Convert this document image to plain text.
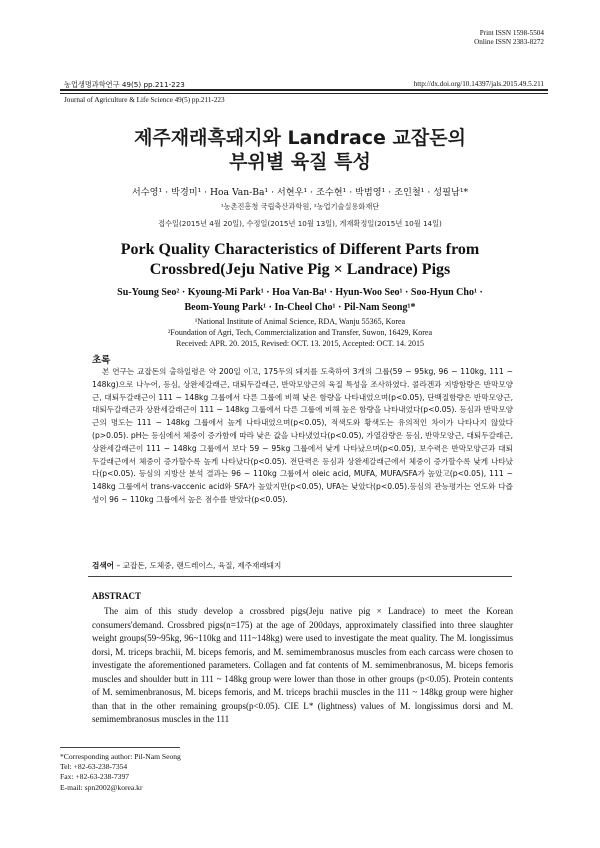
Print ISSN 1598-5504
Online ISSN 2383-8272
농업생명과학연구 49(5) pp.211-223	http://dx.doi.org/10.14397/jals.2015.49.5.211
Journal of Agriculture & Life Science 49(5) pp.211-223
제주재래흑돼지와 Landrace 교잡돈의
부위별 육질 특성
서수영¹ · 박경미¹ · Hoa Van-Ba¹ · 서현우¹ · 조수현¹ · 박범영¹ · 조인철¹ · 성필남¹*
¹농촌진흥청 국립축산과학원, ²농업기술실용화재단
접수일(2015년 4월 20일), 수정일(2015년 10월 13일), 게재확정일(2015년 10월 14일)
Pork Quality Characteristics of Different Parts from
Crossbred(Jeju Native Pig × Landrace) Pigs
Su-Young Seo² · Kyoung-Mi Park¹ · Hoa Van-Ba¹ · Hyun-Woo Seo¹ · Soo-Hyun Cho¹ ·
Beom-Young Park¹ · In-Cheol Cho¹ · Pil-Nam Seong¹*
¹National Institute of Animal Science, RDA, Wanju 55365, Korea
²Foundation of Agri, Tech, Commercialization and Transfer, Suwon, 16429, Korea
Received: APR. 20. 2015, Revised: OCT. 13. 2015, Accepted: OCT. 14. 2015
초록
본 연구는 교잡돈의 출하일령은 약 200일 이고, 175두의 돼지를 도축하여 3개의 그룹(59 ~ 95kg, 96 ~ 110kg, 111 ~ 148kg)으로 나누어, 등심, 상완세갈래근, 대퇴두갈래근, 반막모양근의 육질 특성을 조사하였다. 콜라겐과 지방함량은 반막모양근, 대퇴두갈래근이 111 ~ 148kg 그룹에서 다른 그룹에 비해 낮은 함량을 나타내었으며(p<0.05), 단백질함량은 반막모양근, 대퇴두갈래근과 상완세갈래근이 111 ~ 148kg 그룹에서 다른 그룹에 비해 높은 함량을 나타내었다(p<0.05). 등심과 반막모양근의 명도는 111 ~ 148kg 그룹에서 높게 나타내었으며(p<0.05), 적색도와 황색도는 유의적인 차이가 나타나지 않았다(p>0.05). pH는 등심에서 체중이 증가함에 따라 낮은 값을 나타냈었다(p<0.05), 가열감량은 등심, 반막모양근, 대퇴두갈래근, 상완세갈래근이 111 ~ 148kg 그룹에서 보다 59 ~ 95kg 그룹에서 낮게 나타났으며(p<0.05), 보수력은 반막모양근과 대퇴두갈래근에서 체중이 증가할수록 높게 나타났다(p<0.05). 전단력은 등심과 상완세갈래근에서 체중이 증가할수록 낮게 나타났다(p<0.05). 등심의 지방산 분석 결과는 96 ~ 110kg 그룹에서 oleic acid, MUFA, MUFA/SFA가 높았고(p<0.05), 111 ~ 148kg 그룹에서 trans-vaccenic acid와 SFA가 높았지만(p<0.05), UFA는 낮았다(p<0.05).등심의 관능평가는 연도와 다즙성이 96 ~ 110kg 그룹에서 높은 점수를 받았다(p<0.05).
검색어 – 교잡돈, 도체중, 랜드레이스, 육질, 제주재래돼지
ABSTRACT
The aim of this study develop a crossbred pigs(Jeju native pig × Landrace) to meet the Korean consumers'demand. Crossbred pigs(n=175) at the age of 200days, approximately classified into three slaughter weight groups(59~95kg, 96~110kg and 111~148kg) were used to investigate the meat quality. The M. longissimus dorsi, M. triceps brachii, M. biceps femoris, and M. semimembranosus muscles from each carcass were chosen to investigate the aforementioned parameters. Collagen and fat contents of M. semimenbranosus, M. biceps femoris muscles and shoulder butt in 111 ~ 148kg group were lower than those in other groups (p<0.05). Protein contents of M. semimenbranosus, M. biceps femoris, and M. triceps brachii muscles in the 111 ~ 148kg group were higher than that in the other remaining groups(p<0.05). CIE L* (lightness) values of M. longissimus dorsi and M. semimembranosus muscles in the 111
*Corresponding author: Pil-Nam Seong
Tel: +82-63-238-7354
Fax: +82-63-238-7397
E-mail: spn2002@korea.kr
